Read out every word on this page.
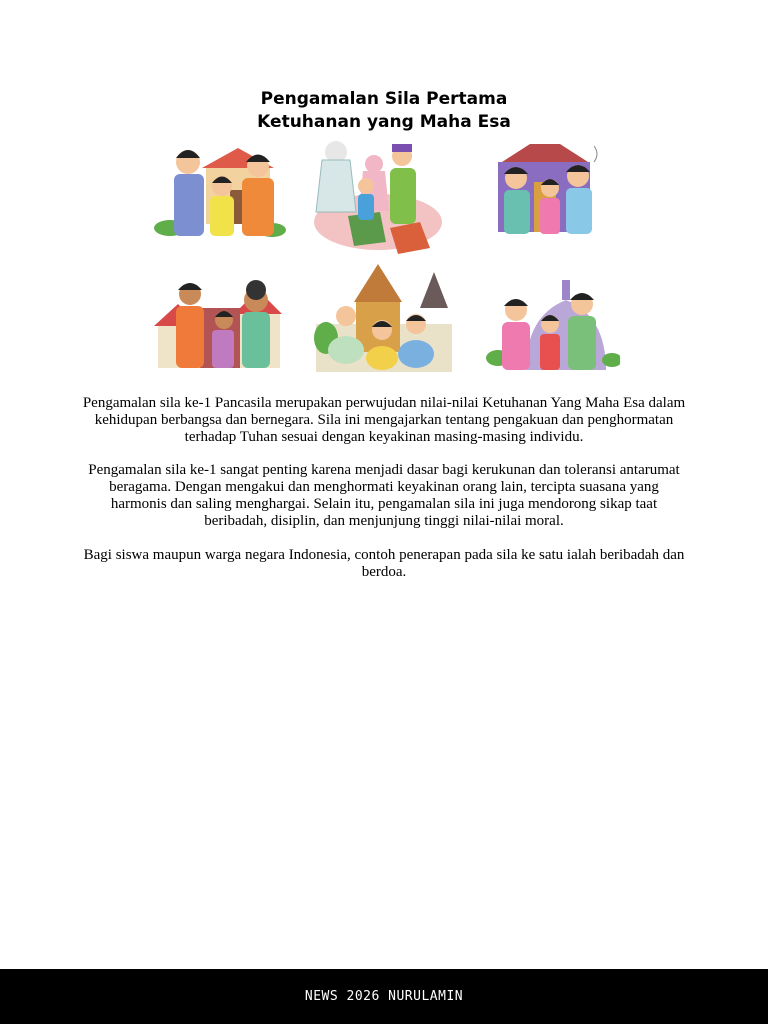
Pengamalan Sila Pertama
Ketuhanan yang Maha Esa

Pengamalan sila ke-1 Pancasila merupakan perwujudan nilai-nilai Ketuhanan Yang Maha Esa dalam kehidupan berbangsa dan bernegara. Sila ini mengajarkan tentang pengakuan dan penghormatan terhadap Tuhan sesuai dengan keyakinan masing-masing individu.

Pengamalan sila ke-1 sangat penting karena menjadi dasar bagi kerukunan dan toleransi antarumat beragama. Dengan mengakui dan menghormati keyakinan orang lain, tercipta suasana yang harmonis dan saling menghargai. Selain itu, pengamalan sila ini juga mendorong sikap taat beribadah, disiplin, dan menjunjung tinggi nilai-nilai moral.

Bagi siswa maupun warga negara Indonesia, contoh penerapan pada sila ke satu ialah beribadah dan berdoa.

NEWS 2026 NURULAMIN
